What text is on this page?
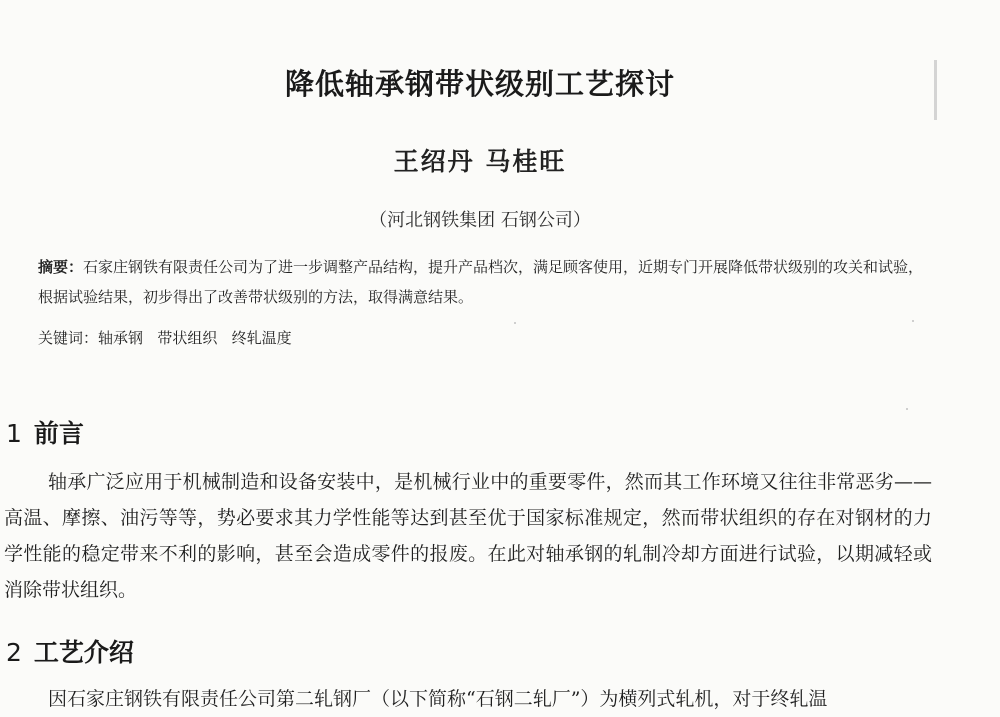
降低轴承钢带状级别工艺探讨
王绍丹 马桂旺
（河北钢铁集团 石钢公司）
摘要：石家庄钢铁有限责任公司为了进一步调整产品结构，提升产品档次，满足顾客使用，近期专门开展降低带状级别的攻关和试验，根据试验结果，初步得出了改善带状级别的方法，取得满意结果。
关键词：轴承钢   带状组织   终轧温度
1 前言
轴承广泛应用于机械制造和设备安装中，是机械行业中的重要零件，然而其工作环境又往往非常恶劣——高温、摩擦、油污等等，势必要求其力学性能等达到甚至优于国家标准规定，然而带状组织的存在对钢材的力学性能的稳定带来不利的影响，甚至会造成零件的报废。在此对轴承钢的轧制冷却方面进行试验，以期减轻或消除带状组织。
2 工艺介绍
因石家庄钢铁有限责任公司第二轧钢厂（以下简称“石钢二轧厂”）为横列式轧机，对于终轧温
